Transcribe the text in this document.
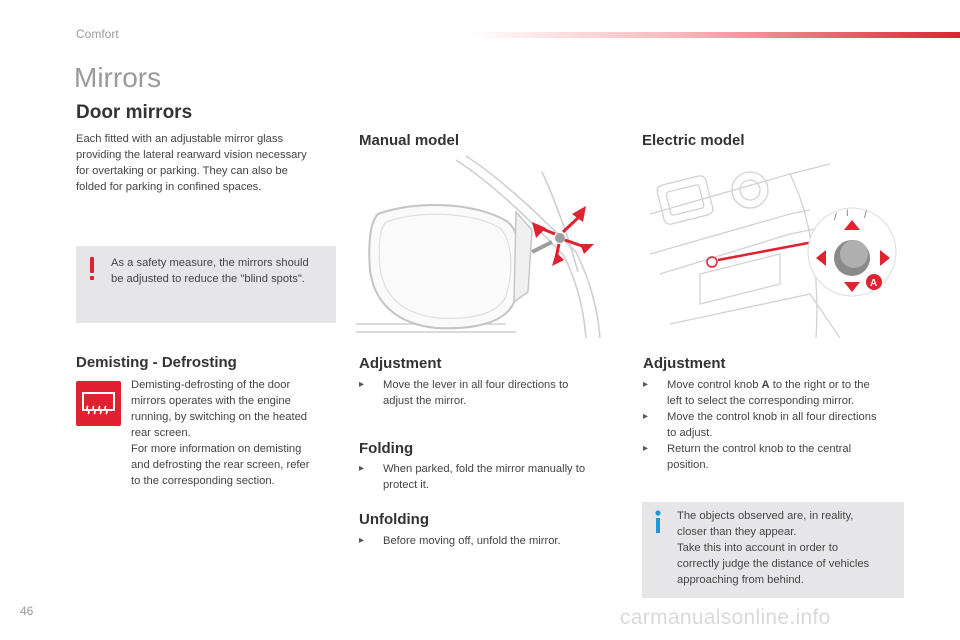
Comfort
Mirrors
Door mirrors
Each fitted with an adjustable mirror glass
providing the lateral rearward vision necessary
for overtaking or parking. They can also be
folded for parking in confined spaces.
As a safety measure, the mirrors should
be adjusted to reduce the "blind spots".
Demisting - Defrosting
Demisting-defrosting of the door
mirrors operates with the engine
running, by switching on the heated
rear screen.
For more information on demisting
and defrosting the rear screen, refer
to the corresponding section.
Manual model
Adjustment
▸ Move the lever in all four directions to
adjust the mirror.
Folding
▸ When parked, fold the mirror manually to
protect it.
Unfolding
▸ Before moving off, unfold the mirror.
Electric model
/	/
I
A
Adjustment
▸ Move control knob A to the right or to the
left to select the corresponding mirror.
▸ Move the control knob in all four directions
to adjust.
▸ Return the control knob to the central
position.
The objects observed are, in reality,
closer than they appear.
Take this into account in order to
correctly judge the distance of vehicles
approaching from behind.
46	carmanualsonline.info
